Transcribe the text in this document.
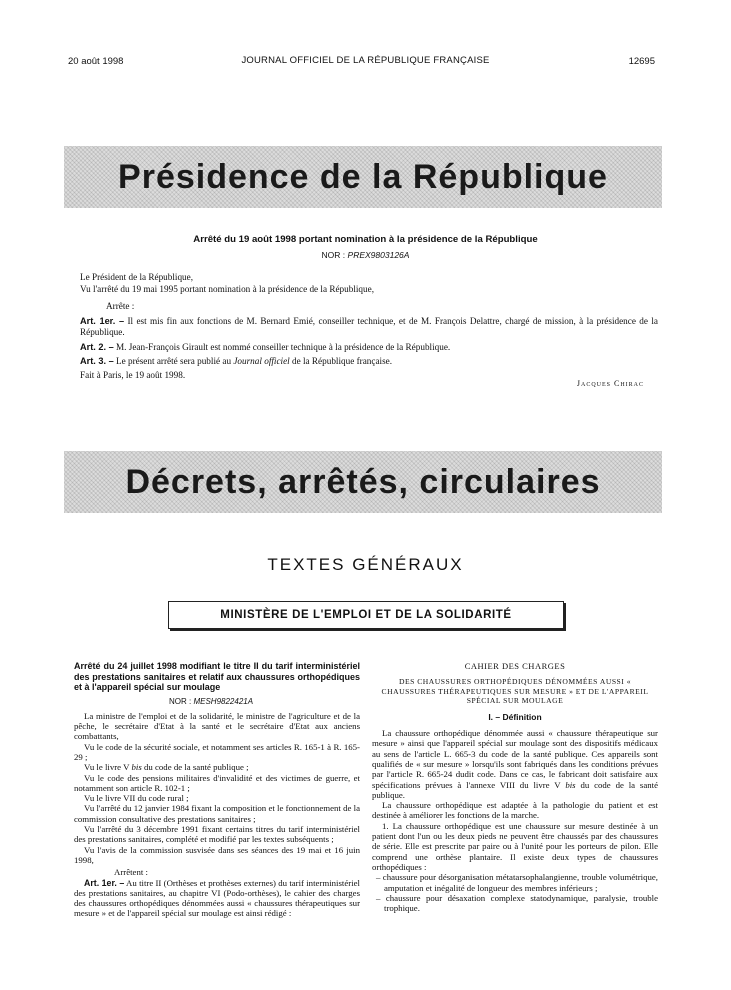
20 août 1998	JOURNAL OFFICIEL DE LA RÉPUBLIQUE FRANÇAISE	12695
Présidence de la République
Arrêté du 19 août 1998 portant nomination à la présidence de la République
NOR : PREX9803126A

Le Président de la République,

Vu l'arrêté du 19 mai 1995 portant nomination à la présidence de la République,

Arrête :

Art. 1er. – Il est mis fin aux fonctions de M. Bernard Emié, conseiller technique, et de M. François Delattre, chargé de mission, à la présidence de la République.

Art. 2. – M. Jean-François Girault est nommé conseiller technique à la présidence de la République.

Art. 3. – Le présent arrêté sera publié au Journal officiel de la République française.

Fait à Paris, le 19 août 1998.

Jacques Chirac
Décrets, arrêtés, circulaires
TEXTES GÉNÉRAUX
MINISTÈRE DE L'EMPLOI ET DE LA SOLIDARITÉ
Arrêté du 24 juillet 1998 modifiant le titre II du tarif interministériel des prestations sanitaires et relatif aux chaussures orthopédiques et à l'appareil spécial sur moulage
NOR : MESH9822421A

La ministre de l'emploi et de la solidarité, le ministre de l'agriculture et de la pêche, le secrétaire d'Etat à la santé et le secrétaire d'Etat aux anciens combattants,

Vu le code de la sécurité sociale, et notamment ses articles R. 165-1 à R. 165-29 ;

Vu le livre V bis du code de la santé publique ;

Vu le code des pensions militaires d'invalidité et des victimes de guerre, et notamment son article R. 102-1 ;

Vu le livre VII du code rural ;

Vu l'arrêté du 12 janvier 1984 fixant la composition et le fonctionnement de la commission consultative des prestations sanitaires ;

Vu l'arrêté du 3 décembre 1991 fixant certains titres du tarif interministériel des prestations sanitaires, complété et modifié par les textes subséquents ;

Vu l'avis de la commission susvisée dans ses séances des 19 mai et 16 juin 1998,

Arrêtent :

Art. 1er. – Au titre II (Orthèses et prothèses externes) du tarif interministériel des prestations sanitaires, au chapitre VI (Podo-orthèses), le cahier des charges des chaussures orthopédiques dénommées aussi « chaussures thérapeutiques sur mesure » et de l'appareil spécial sur moulage est ainsi rédigé :

CAHIER DES CHARGES

DES CHAUSSURES ORTHOPÉDIQUES DÉNOMMÉES AUSSI « CHAUSSURES THÉRAPEUTIQUES SUR MESURE » ET DE L'APPAREIL SPÉCIAL SUR MOULAGE

I. – Définition

La chaussure orthopédique dénommée aussi « chaussure thérapeutique sur mesure » ainsi que l'appareil spécial sur moulage sont des dispositifs médicaux au sens de l'article L. 665-3 du code de la santé publique. Ces appareils sont qualifiés de « sur mesure » lorsqu'ils sont fabriqués dans les conditions prévues par l'article R. 665-24 dudit code. Dans ce cas, le fabricant doit satisfaire aux spécifications prévues à l'annexe VIII du livre V bis du code de la santé publique.

La chaussure orthopédique est adaptée à la pathologie du patient et est destinée à améliorer les fonctions de la marche.

1. La chaussure orthopédique est une chaussure sur mesure destinée à un patient dont l'un ou les deux pieds ne peuvent être chaussés par des chaussures de série. Elle est prescrite par paire ou à l'unité pour les porteurs de pilon. Elle comprend une orthèse plantaire. Il existe deux types de chaussures orthopédiques :

– chaussure pour désorganisation métatarsophalangienne, trouble volumétrique, amputation et inégalité de longueur des membres inférieurs ;

– chaussure pour désaxation complexe statodynamique, paralysie, trouble trophique.
